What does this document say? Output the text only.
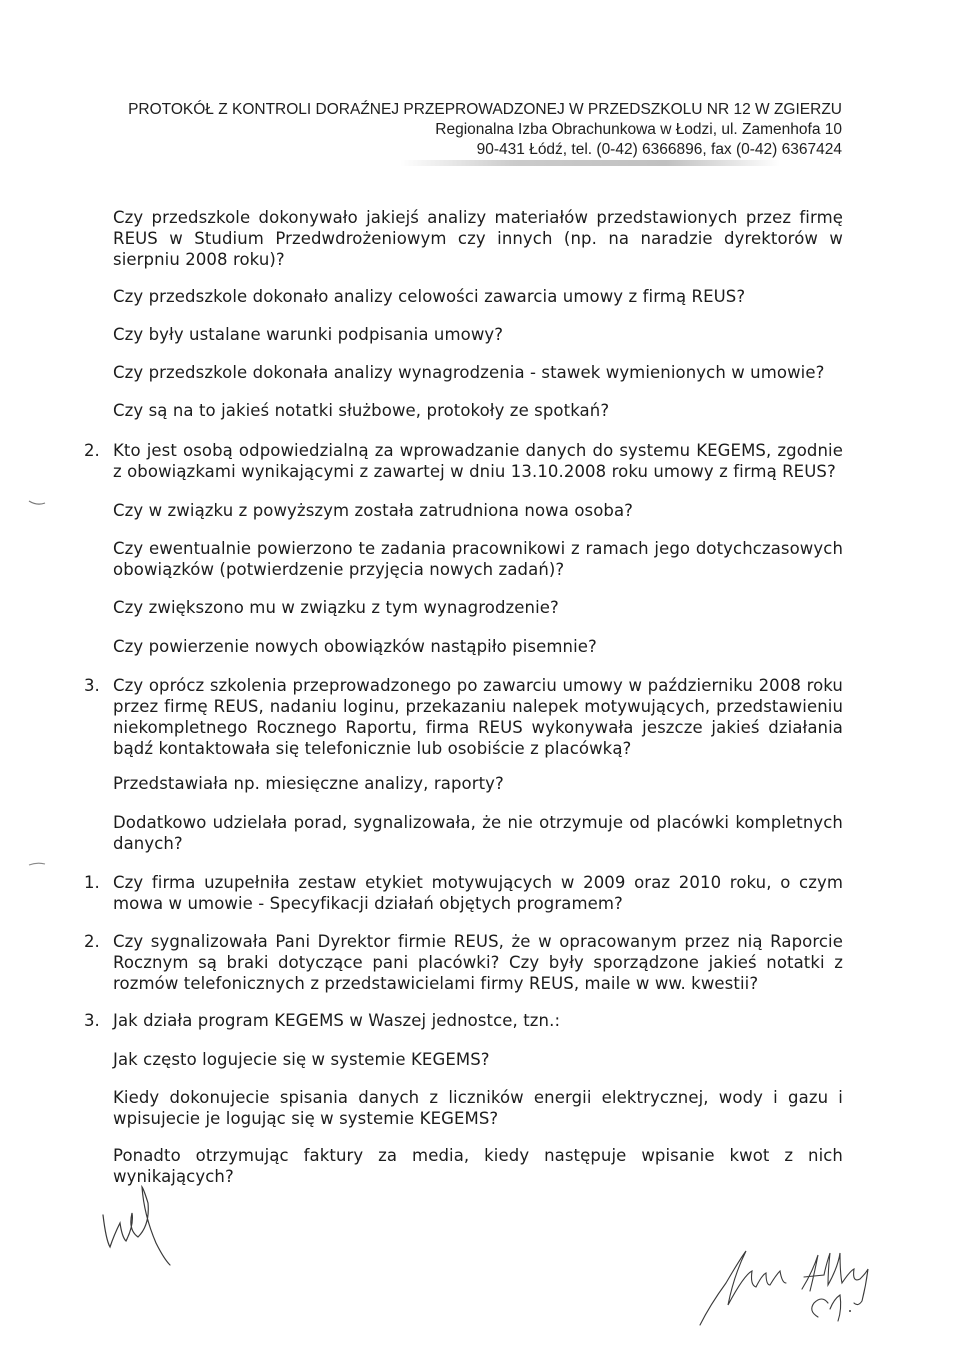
PROTOKÓŁ Z KONTROLI DORAŹNEJ PRZEPROWADZONEJ W PRZEDSZKOLU NR 12 W ZGIERZU
Regionalna Izba Obrachunkowa w Łodzi, ul. Zamenhofa 10
90-431 Łódź, tel. (0-42) 6366896, fax (0-42) 6367424
Czy przedszkole dokonywało jakiejś analizy materiałów przedstawionych przez firmę REUS w Studium Przedwdrożeniowym czy innych (np. na naradzie dyrektorów w sierpniu 2008 roku)?
Czy przedszkole dokonało analizy celowości zawarcia umowy z firmą REUS?
Czy były ustalane warunki podpisania umowy?
Czy przedszkole dokonała analizy wynagrodzenia - stawek wymienionych w umowie?
Czy są na to jakieś notatki służbowe, protokoły ze spotkań?
2. Kto jest osobą odpowiedzialną za wprowadzanie danych do systemu KEGEMS, zgodnie z obowiązkami wynikającymi z zawartej w dniu 13.10.2008 roku umowy z firmą REUS?
Czy w związku z powyższym została zatrudniona nowa osoba?
Czy ewentualnie powierzono te zadania pracownikowi z ramach jego dotychczasowych obowiązków (potwierdzenie przyjęcia nowych zadań)?
Czy zwiększono mu w związku z tym wynagrodzenie?
Czy powierzenie nowych obowiązków nastąpiło pisemnie?
3. Czy oprócz szkolenia przeprowadzonego po zawarciu umowy w październiku 2008 roku przez firmę REUS, nadaniu loginu, przekazaniu nalepek motywujących, przedstawieniu niekompletnego Rocznego Raportu, firma REUS wykonywała jeszcze jakieś działania bądź kontaktowała się telefonicznie lub osobiście z placówką?
Przedstawiała np. miesięczne analizy, raporty?
Dodatkowo udzielała porad, sygnalizowała, że nie otrzymuje od placówki kompletnych danych?
1. Czy firma uzupełniła zestaw etykiet motywujących w 2009 oraz 2010 roku, o czym mowa w umowie - Specyfikacji działań objętych programem?
2. Czy sygnalizowała Pani Dyrektor firmie REUS, że w opracowanym przez nią Raporcie Rocznym są braki dotyczące pani placówki? Czy były sporządzone jakieś notatki z rozmów telefonicznych z przedstawicielami firmy REUS, maile w ww. kwestii?
3. Jak działa program KEGEMS w Waszej jednostce, tzn.:
Jak często logujecie się w systemie KEGEMS?
Kiedy dokonujecie spisania danych z liczników energii elektrycznej, wody i gazu i wpisujecie je logując się w systemie KEGEMS?
Ponadto otrzymując faktury za media, kiedy następuje wpisanie kwot z nich wynikających?
